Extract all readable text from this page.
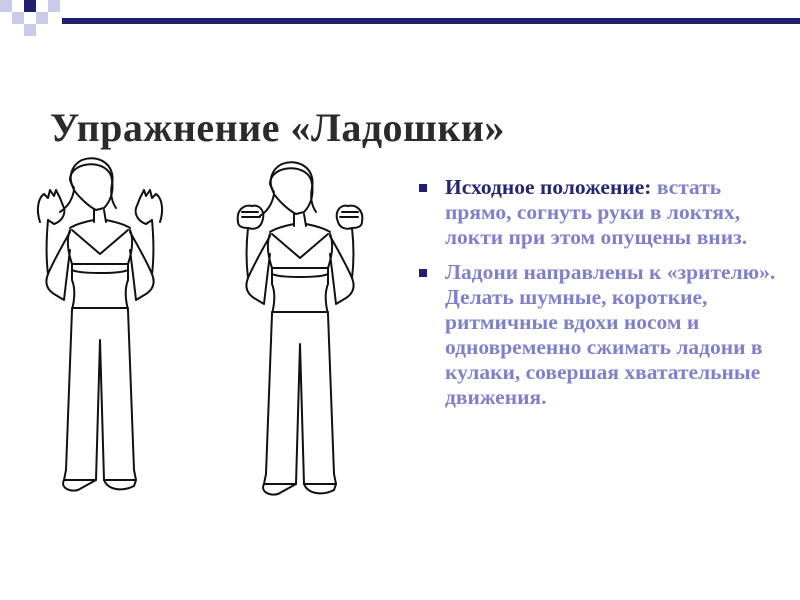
Упражнение «Ладошки»
Исходное положение: встать прямо, согнуть руки в локтях, локти при этом опущены вниз.
Ладони направлены к «зрителю». Делать шумные, короткие, ритмичные вдохи носом и одновременно сжимать ладони в кулаки, совершая хватательные движения.
